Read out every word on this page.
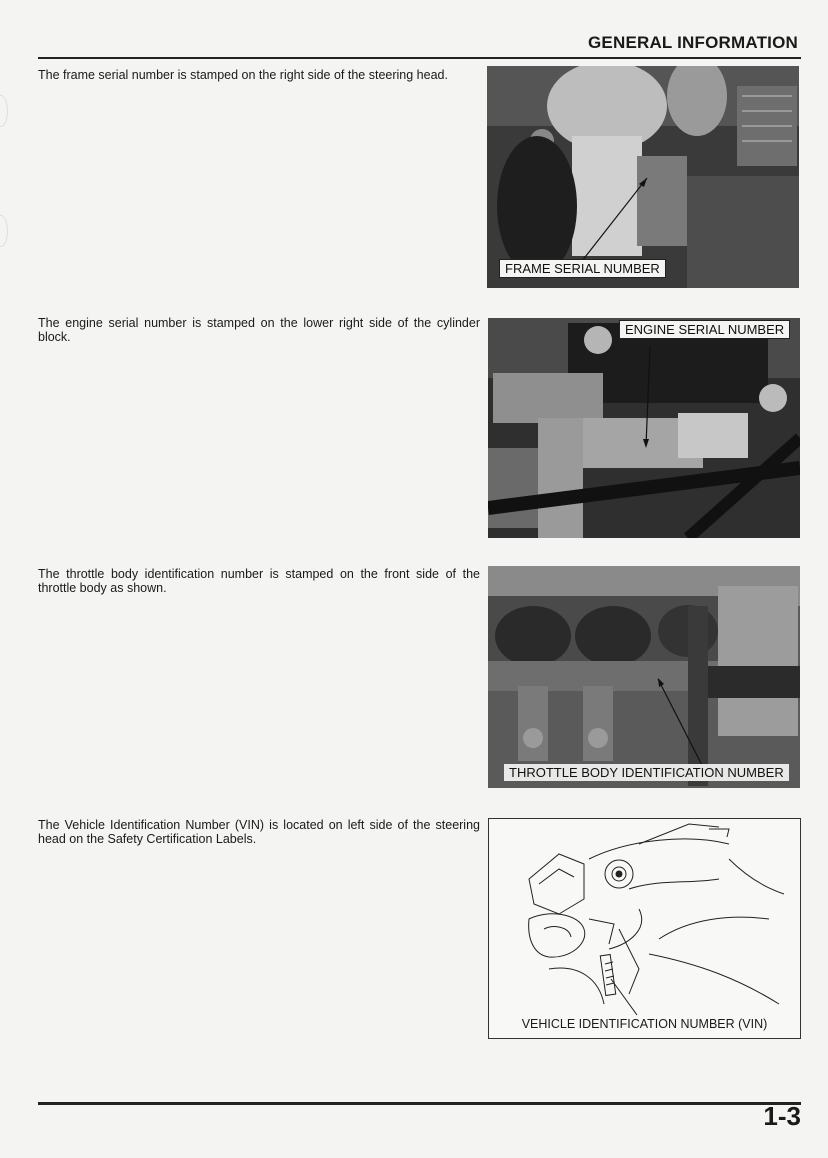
GENERAL INFORMATION
The frame serial number is stamped on the right side of the steering head.
FRAME SERIAL NUMBER
The engine serial number is stamped on the lower right side of the cylinder block.	ENGINE SERIAL NUMBER
The throttle body identification number is stamped on the front side of the throttle body as shown.
THROTTLE BODY IDENTIFICATION NUMBER
The Vehicle Identification Number (VIN) is located on left side of the steering head on the Safety Certification Labels.
VEHICLE IDENTIFICATION NUMBER (VIN)
1-3
